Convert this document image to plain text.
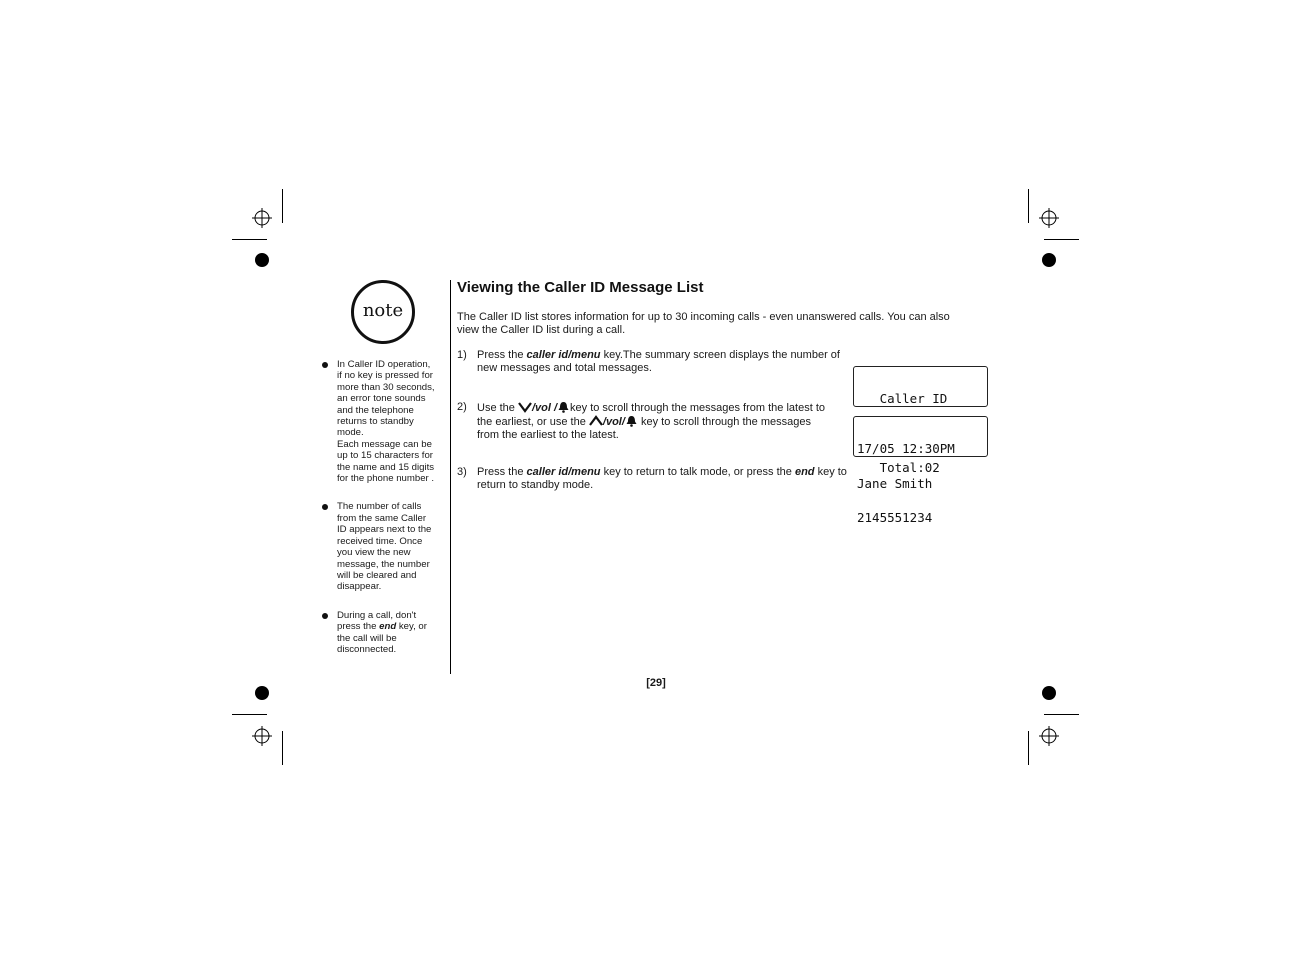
note

In Caller ID operation,

if no key is pressed for

more than 30 seconds,

an error tone sounds

and the telephone

returns to standby

mode.

Each message can be

up to 15 characters for

the name and 15 digits

for the phone number .

The number of calls

from the same Caller

ID appears next to the

received time. Once

you view the new

message, the number

will be cleared and

disappear.

During a call, don't

press the end key, or

the call will be

disconnected.

Viewing the Caller ID Message List
The Caller ID list stores information for up to 30 incoming calls - even unanswered calls. You can also
view the Caller ID list during a call.
1) Press the caller id/menu key.The summary screen displays the number of
new messages and total messages.
2) Use the /vol / key to scroll through the messages from the latest to
the earliest, or use the /vol/ key to scroll through the messages
from the earliest to the latest.
3) Press the caller id/menu key to return to talk mode, or press the end key to
return to standby mode.

Caller ID

Total:02

17/05 12:30PM

Jane Smith

2145551234

[29]
